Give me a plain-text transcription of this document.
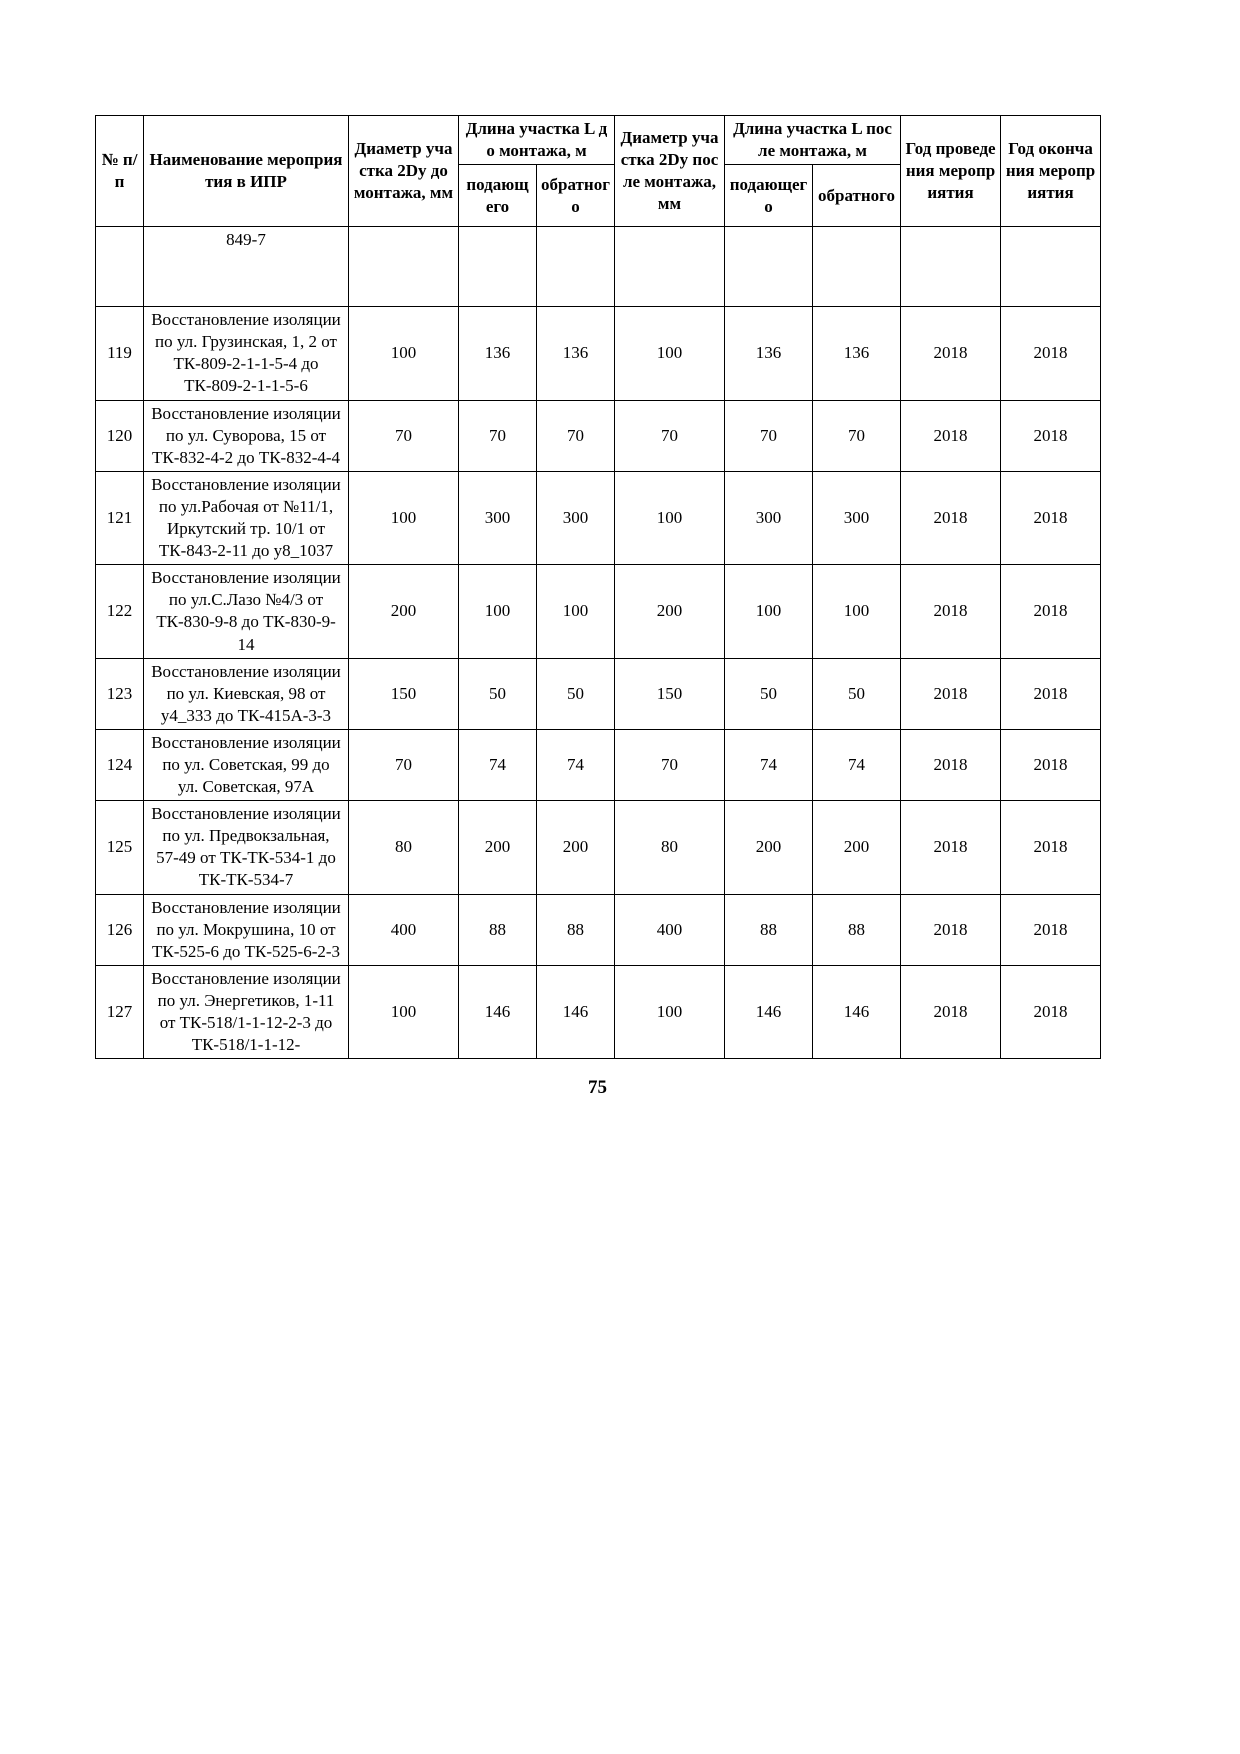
№ п/п	Наименование мероприятия в ИПР	Диаметр участка 2Dy до монтажа, мм	Длина участка L до монтажа, м		Диаметр участка 2Dy после монтажа, мм	Длина участка L после монтажа, м		Год проведения мероприятия	Год окончания мероприятия
			подающего	обратного		подающего	обратного		
	849-7								
119	Восстановление изоляции по ул. Грузинская, 1, 2 от ТК-809-2-1-1-5-4 до ТК-809-2-1-1-5-6	100	136	136	100	136	136	2018	2018
120	Восстановление изоляции по ул. Суворова, 15 от ТК-832-4-2 до ТК-832-4-4	70	70	70	70	70	70	2018	2018
121	Восстановление изоляции по ул.Рабочая от №11/1, Иркутский тр. 10/1 от ТК-843-2-11 до у8_1037	100	300	300	100	300	300	2018	2018
122	Восстановление изоляции по ул.С.Лазо №4/3 от ТК-830-9-8 до ТК-830-9-14	200	100	100	200	100	100	2018	2018
123	Восстановление изоляции по ул. Киевская, 98 от у4_333 до ТК-415А-3-3	150	50	50	150	50	50	2018	2018
124	Восстановление изоляции по ул. Советская, 99 до ул. Советская, 97А	70	74	74	70	74	74	2018	2018
125	Восстановление изоляции по ул. Предвокзальная, 57-49 от ТК-ТК-534-1 до ТК-ТК-534-7	80	200	200	80	200	200	2018	2018
126	Восстановление изоляции по ул. Мокрушина, 10 от ТК-525-6 до ТК-525-6-2-3	400	88	88	400	88	88	2018	2018
127	Восстановление изоляции по ул. Энергетиков, 1-11 от ТК-518/1-1-12-2-3 до ТК-518/1-1-12-	100	146	146	100	146	146	2018	2018
75
